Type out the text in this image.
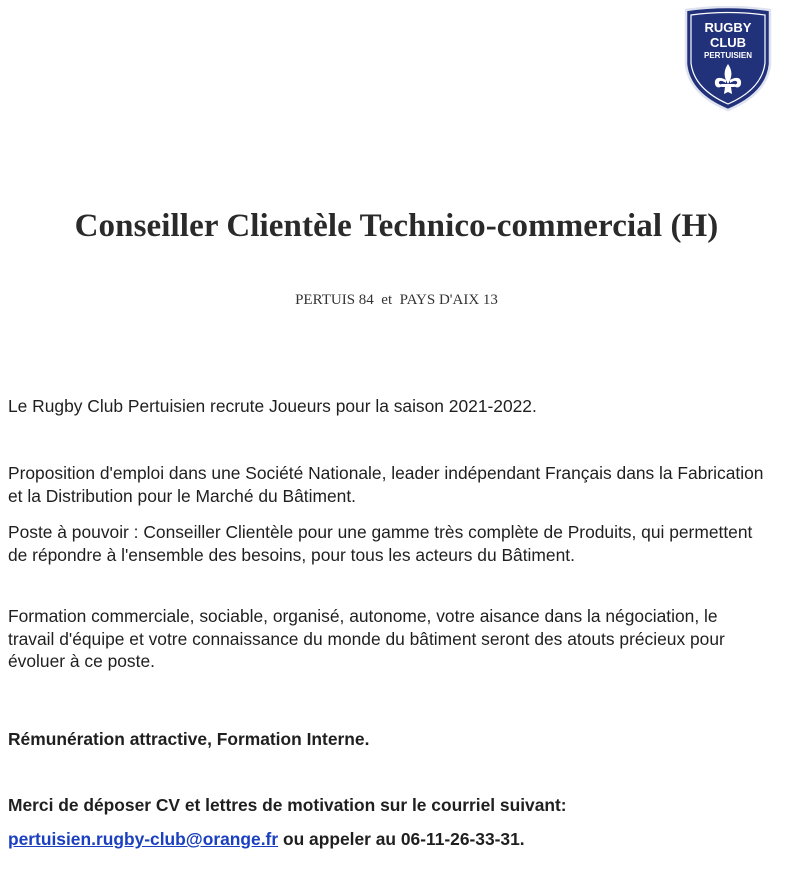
RUGBY
CLUB
PERTUISIEN
Conseiller Clientèle Technico-commercial (H)

PERTUIS 84  et  PAYS D'AIX 13

Le Rugby Club Pertuisien recrute Joueurs pour la saison 2021-2022.

Proposition d'emploi dans une Société Nationale, leader indépendant Français dans la Fabrication et la Distribution pour le Marché du Bâtiment.

Poste à pouvoir : Conseiller Clientèle pour une gamme très complète de Produits, qui permettent de répondre à l'ensemble des besoins, pour tous les acteurs du Bâtiment.

Formation commerciale, sociable, organisé, autonome, votre aisance dans la négociation, le travail d'équipe et votre connaissance du monde du bâtiment seront des atouts précieux pour évoluer à ce poste.

Rémunération attractive, Formation Interne.

Merci de déposer CV et lettres de motivation sur le courriel suivant:

pertuisien.rugby-club@orange.fr ou appeler au 06-11-26-33-31.
